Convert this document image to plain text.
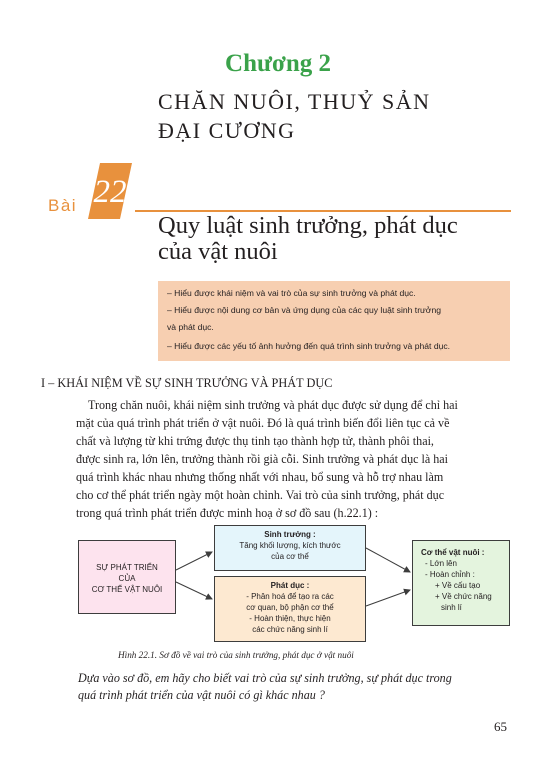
Chương 2
CHĂN NUÔI, THUỶ SẢN
ĐẠI CƯƠNG
Bài 22
Quy luật sinh trưởng, phát dục
của vật nuôi
– Hiểu được khái niệm và vai trò của sự sinh trưởng và phát dục.
– Hiểu được nội dung cơ bản và ứng dụng của các quy luật sinh trưởng
và phát dục.
– Hiểu được các yếu tố ảnh hưởng đến quá trình sinh trưởng và phát dục.
I – KHÁI NIỆM VỀ SỰ SINH TRƯỞNG VÀ PHÁT DỤC
Trong chăn nuôi, khái niệm sinh trưởng và phát dục được sử dụng để chỉ hai
mặt của quá trình phát triển ở vật nuôi. Đó là quá trình biến đổi liên tục cả về
chất và lượng từ khi trứng được thụ tinh tạo thành hợp tử, thành phôi thai,
được sinh ra, lớn lên, trưởng thành rồi già cỗi. Sinh trưởng và phát dục là hai
quá trình khác nhau nhưng thống nhất với nhau, bổ sung và hỗ trợ nhau làm
cho cơ thể phát triển ngày một hoàn chỉnh. Vai trò của sinh trưởng, phát dục
trong quá trình phát triển được minh hoạ ở sơ đồ sau (h.22.1) :
SỰ PHÁT TRIỂN
CỦA
CƠ THỂ VẬT NUÔI
Sinh trưởng :
Tăng khối lượng, kích thước
của cơ thể
Phát dục :
- Phân hoá để tạo ra các
cơ quan, bộ phận cơ thể
- Hoàn thiện, thực hiện
các chức năng sinh lí
Cơ thể vật nuôi :
- Lớn lên
- Hoàn chỉnh :
+ Về cấu tạo
+ Về chức năng
sinh lí
Hình 22.1. Sơ đồ về vai trò của sinh trưởng, phát dục ở vật nuôi
Dựa vào sơ đồ, em hãy cho biết vai trò của sự sinh trưởng, sự phát dục trong
quá trình phát triển của vật nuôi có gì khác nhau ?
65
